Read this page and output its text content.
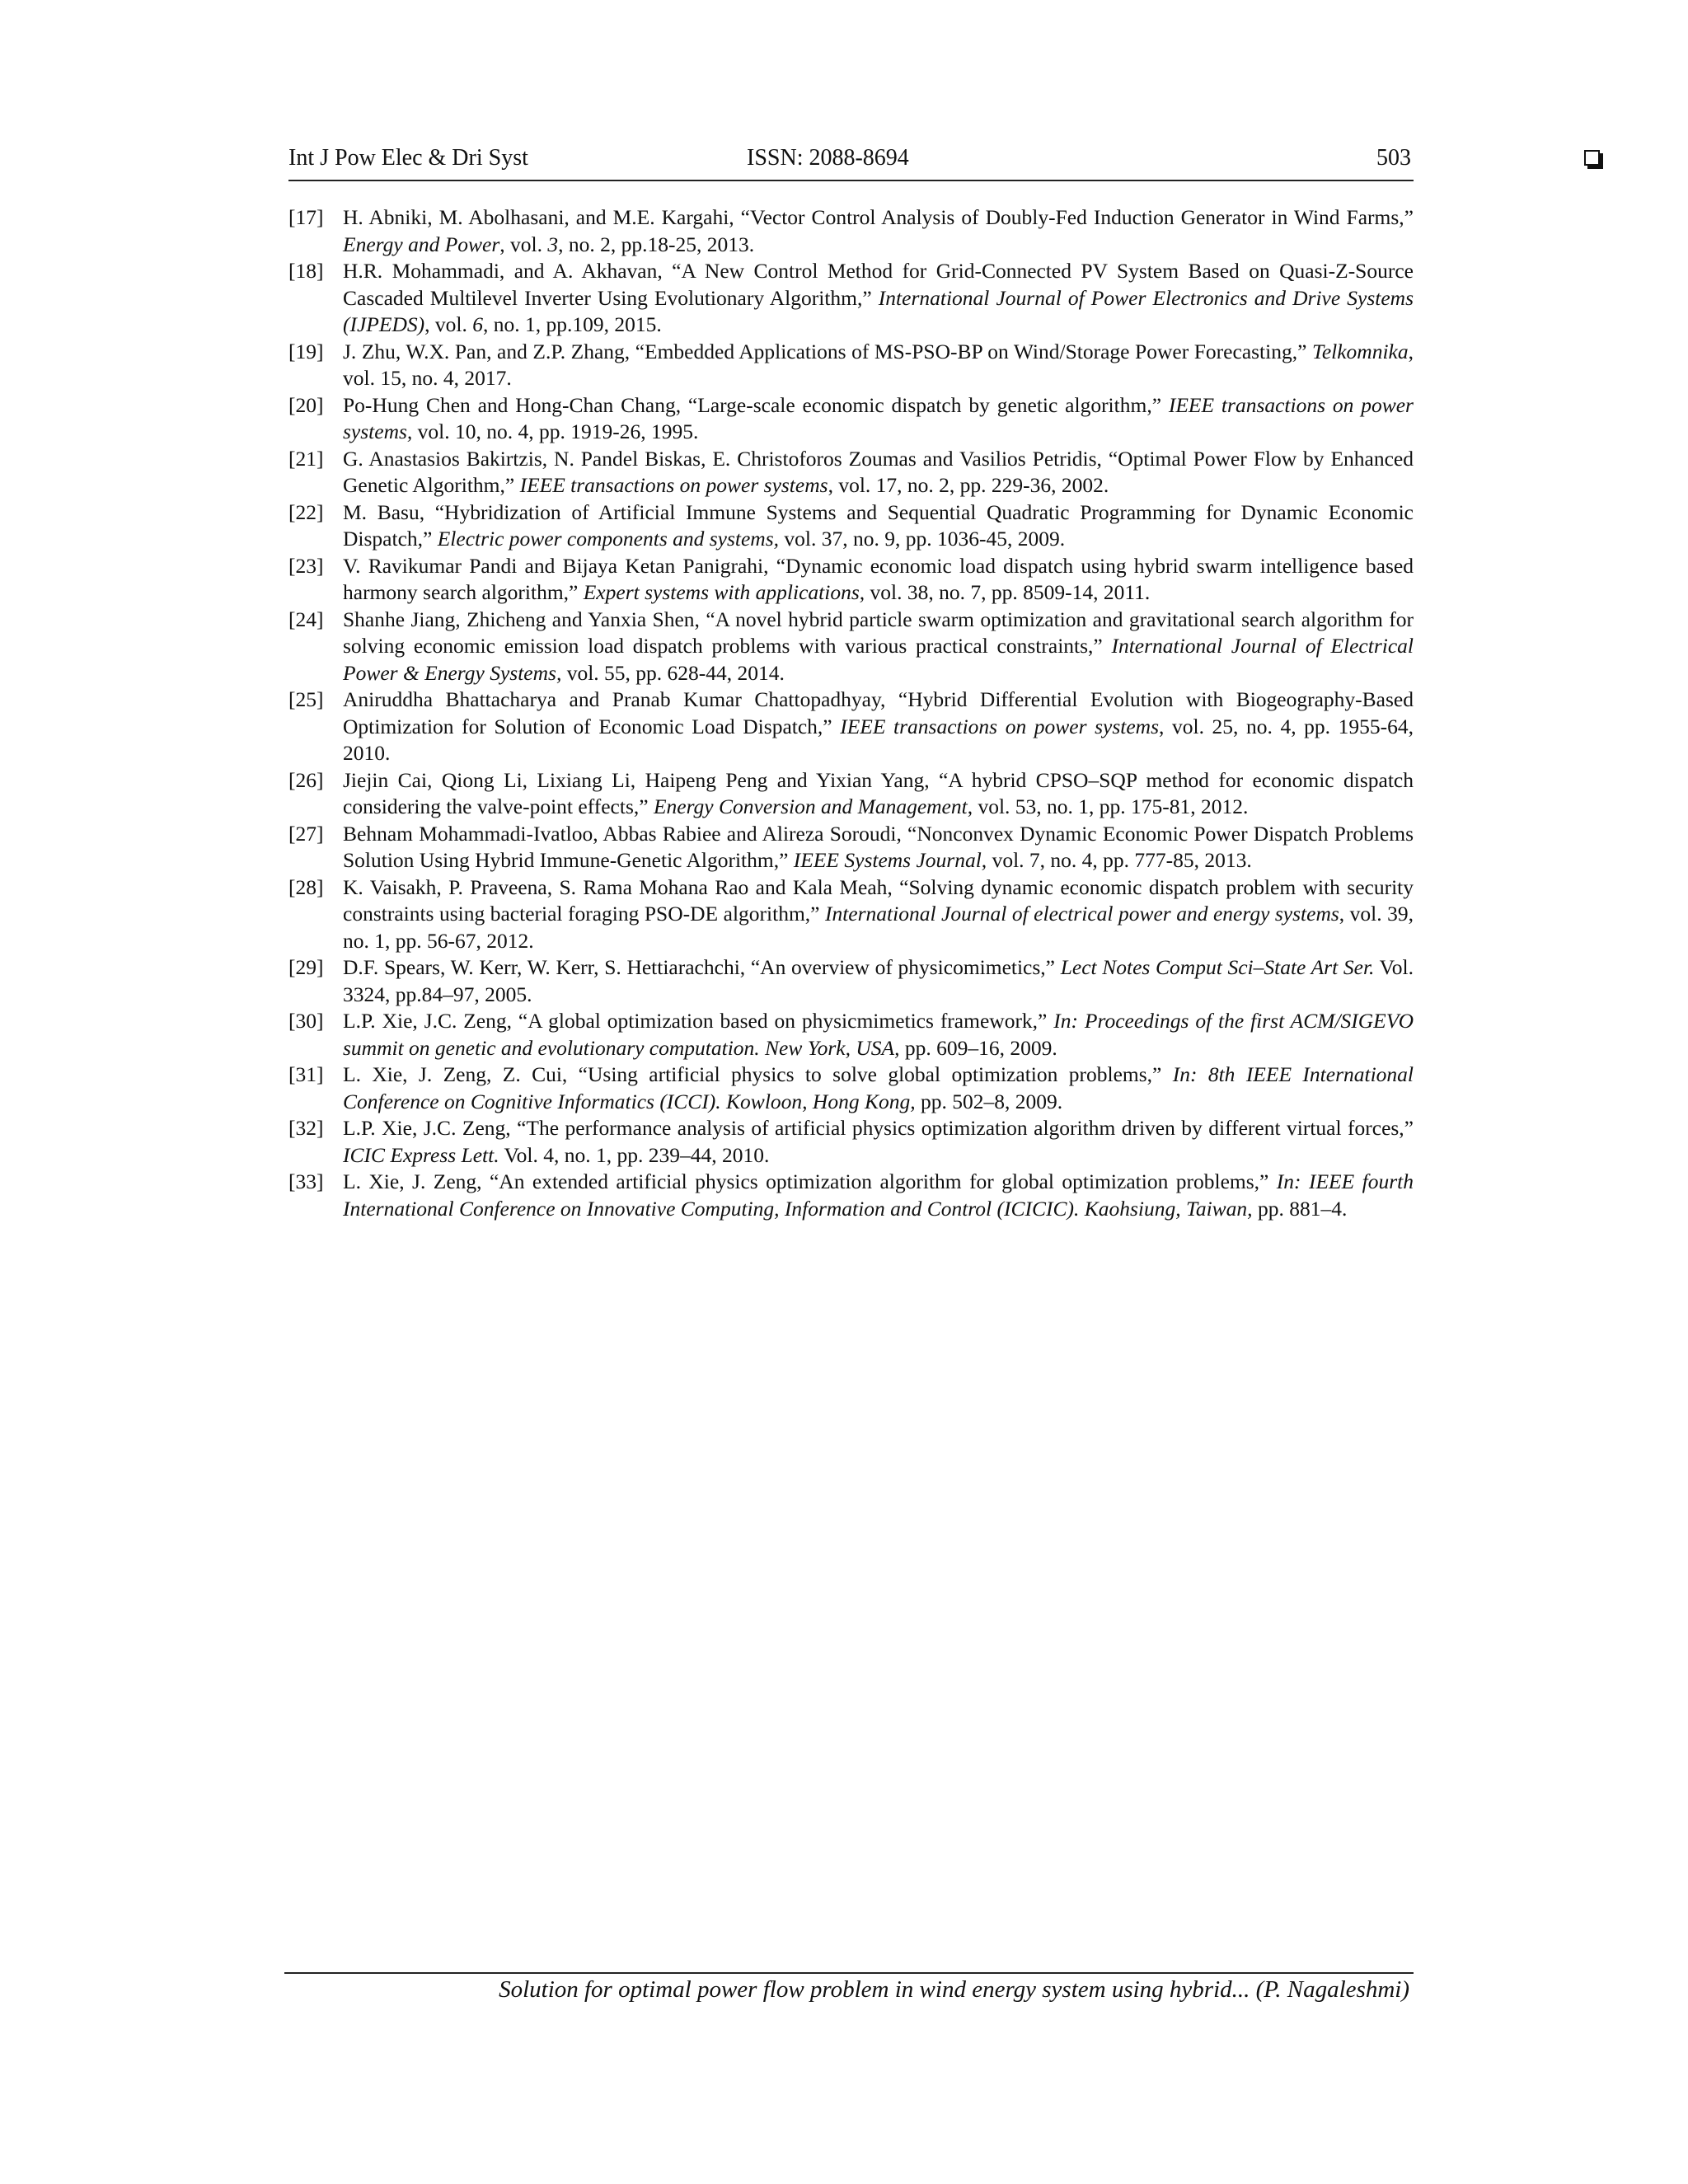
Int J Pow Elec & Dri Syst	ISSN: 2088-8694	503
[17] H. Abniki, M. Abolhasani, and M.E. Kargahi, “Vector Control Analysis of Doubly-Fed Induction Generator in Wind Farms,” Energy and Power, vol. 3, no. 2, pp.18-25, 2013.
[18] H.R. Mohammadi, and A. Akhavan, “A New Control Method for Grid-Connected PV System Based on Quasi-Z-Source Cascaded Multilevel Inverter Using Evolutionary Algorithm,” International Journal of Power Electronics and Drive Systems (IJPEDS), vol. 6, no. 1, pp.109, 2015.
[19] J. Zhu, W.X. Pan, and Z.P. Zhang, “Embedded Applications of MS-PSO-BP on Wind/Storage Power Forecasting,” Telkomnika, vol. 15, no. 4, 2017.
[20] Po-Hung Chen and Hong-Chan Chang, “Large-scale economic dispatch by genetic algorithm,” IEEE transactions on power systems, vol. 10, no. 4, pp. 1919-26, 1995.
[21] G. Anastasios Bakirtzis, N. Pandel Biskas, E. Christoforos Zoumas and Vasilios Petridis, “Optimal Power Flow by Enhanced Genetic Algorithm,” IEEE transactions on power systems, vol. 17, no. 2, pp. 229-36, 2002.
[22] M. Basu, “Hybridization of Artificial Immune Systems and Sequential Quadratic Programming for Dynamic Economic Dispatch,” Electric power components and systems, vol. 37, no. 9, pp. 1036-45, 2009.
[23] V. Ravikumar Pandi and Bijaya Ketan Panigrahi, “Dynamic economic load dispatch using hybrid swarm intelligence based harmony search algorithm,” Expert systems with applications, vol. 38, no. 7, pp. 8509-14, 2011.
[24] Shanhe Jiang, Zhicheng and Yanxia Shen, “A novel hybrid particle swarm optimization and gravitational search algorithm for solving economic emission load dispatch problems with various practical constraints,” International Journal of Electrical Power & Energy Systems, vol. 55, pp. 628-44, 2014.
[25] Aniruddha Bhattacharya and Pranab Kumar Chattopadhyay, “Hybrid Differential Evolution with Biogeography-Based Optimization for Solution of Economic Load Dispatch,” IEEE transactions on power systems, vol. 25, no. 4, pp. 1955-64, 2010.
[26] Jiejin Cai, Qiong Li, Lixiang Li, Haipeng Peng and Yixian Yang, “A hybrid CPSO–SQP method for economic dispatch considering the valve-point effects,” Energy Conversion and Management, vol. 53, no. 1, pp. 175-81, 2012.
[27] Behnam Mohammadi-Ivatloo, Abbas Rabiee and Alireza Soroudi, “Nonconvex Dynamic Economic Power Dispatch Problems Solution Using Hybrid Immune-Genetic Algorithm,” IEEE Systems Journal, vol. 7, no. 4, pp. 777-85, 2013.
[28] K. Vaisakh, P. Praveena, S. Rama Mohana Rao and Kala Meah, “Solving dynamic economic dispatch problem with security constraints using bacterial foraging PSO-DE algorithm,” International Journal of electrical power and energy systems, vol. 39, no. 1, pp. 56-67, 2012.
[29] D.F. Spears, W. Kerr, W. Kerr, S. Hettiarachchi, “An overview of physicomimetics,” Lect Notes Comput Sci–State Art Ser. Vol. 3324, pp.84–97, 2005.
[30] L.P. Xie, J.C. Zeng, “A global optimization based on physicmimetics framework,” In: Proceedings of the first ACM/SIGEVO summit on genetic and evolutionary computation. New York, USA, pp. 609–16, 2009.
[31] L. Xie, J. Zeng, Z. Cui, “Using artificial physics to solve global optimization problems,” In: 8th IEEE International Conference on Cognitive Informatics (ICCI). Kowloon, Hong Kong, pp. 502–8, 2009.
[32] L.P. Xie, J.C. Zeng, “The performance analysis of artificial physics optimization algorithm driven by different virtual forces,” ICIC Express Lett. Vol. 4, no. 1, pp. 239–44, 2010.
[33] L. Xie, J. Zeng, “An extended artificial physics optimization algorithm for global optimization problems,” In: IEEE fourth International Conference on Innovative Computing, Information and Control (ICICIC). Kaohsiung, Taiwan, pp. 881–4.
Solution for optimal power flow problem in wind energy system using hybrid... (P. Nagaleshmi)
